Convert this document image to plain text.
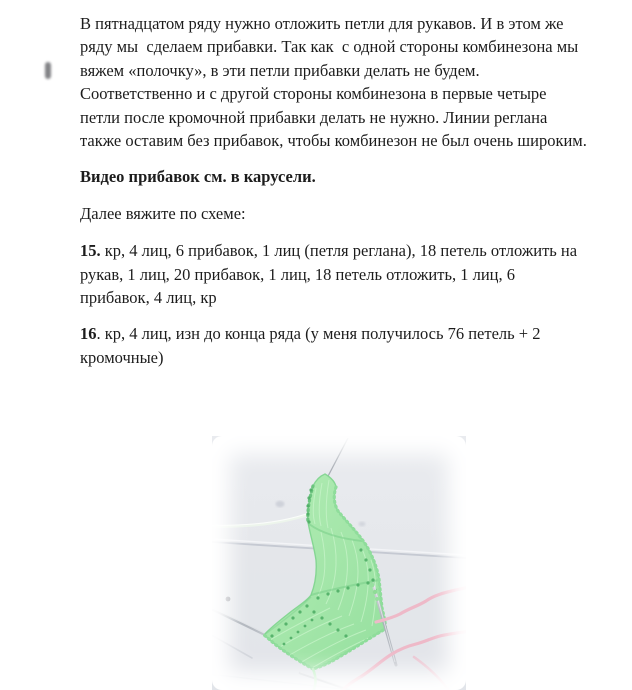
В пятнадцатом ряду нужно отложить петли для рукавов. И в этом же ряду мы  сделаем прибавки. Так как  с одной стороны комбинезона мы вяжем «полочку», в эти петли прибавки делать не будем. Соответственно и с другой стороны комбинезона в первые четыре петли после кромочной прибавки делать не нужно. Линии реглана также оставим без прибавок, чтобы комбинезон не был очень широким.

Видео прибавок см. в карусели.

Далее вяжите по схеме:

15. кр, 4 лиц, 6 прибавок, 1 лиц (петля реглана), 18 петель отложить на рукав, 1 лиц, 20 прибавок, 1 лиц, 18 петель отложить, 1 лиц, 6 прибавок, 4 лиц, кр

16. кр, 4 лиц, изн до конца ряда (у меня получилось 76 петель + 2 кромочные)
